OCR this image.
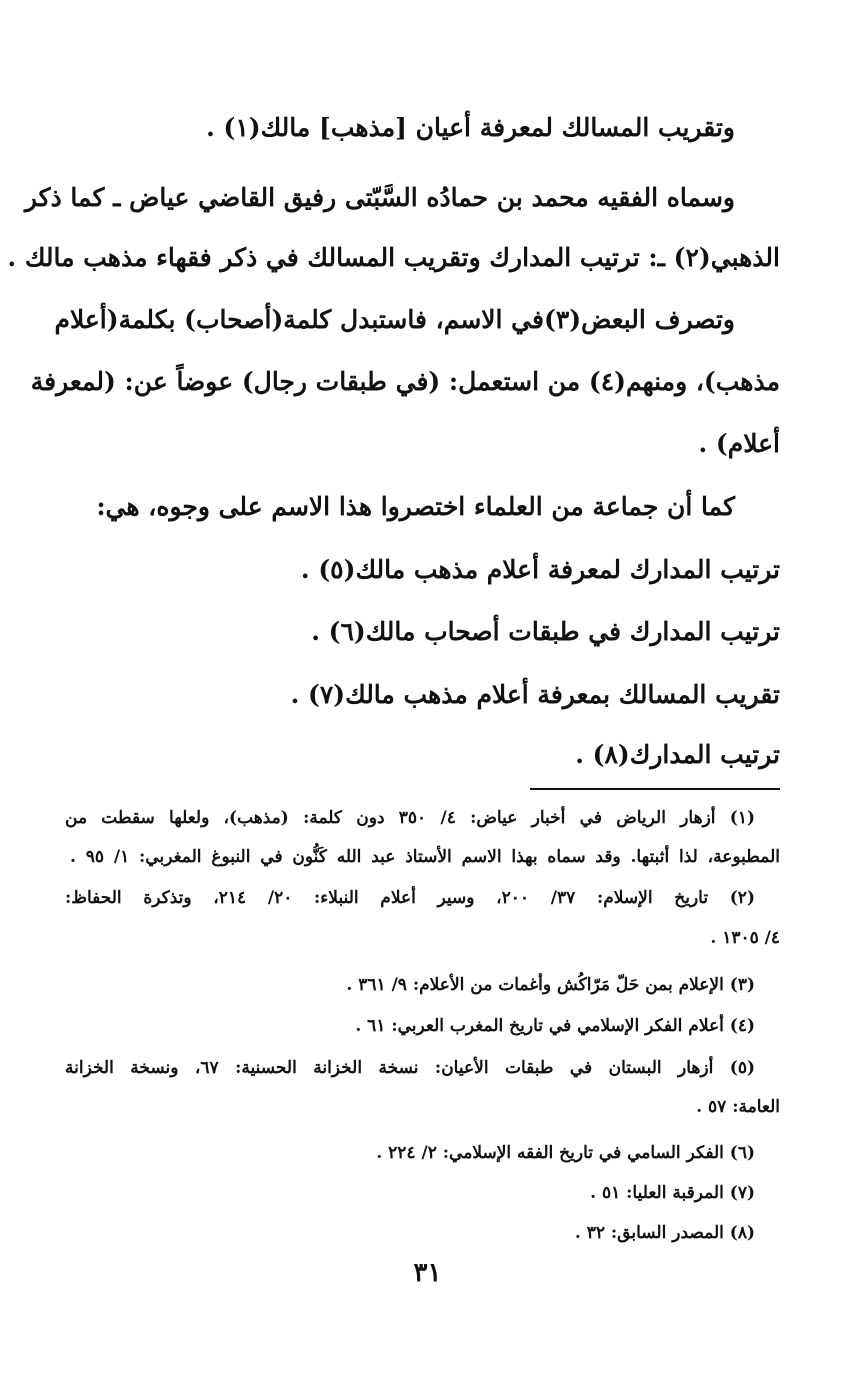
وتقريب المسالك لمعرفة أعيان [مذهب] مالك(١) .
وسماه الفقيه محمد بن حمادُه السَّبّتى رفيق القاضي عياض ـ كما ذكر
الذهبي(٢) ـ: ترتيب المدارك وتقريب المسالك في ذكر فقهاء مذهب مالك .
وتصرف البعض(٣)في الاسم، فاستبدل كلمة(أصحاب) بكلمة(أعلام
مذهب)، ومنهم(٤) من استعمل: (في طبقات رجال) عوضاً عن: (لمعرفة
أعلام) .
كما أن جماعة من العلماء اختصروا هذا الاسم على وجوه، هي:
ترتيب المدارك لمعرفة أعلام مذهب مالك(٥) .
ترتيب المدارك في طبقات أصحاب مالك(٦) .
تقريب المسالك بمعرفة أعلام مذهب مالك(٧) .
ترتيب المدارك(٨) .
(١) أزهار الرياض في أخبار عياض: ٤/ ٣٥٠ دون كلمة: (مذهب)، ولعلها سقطت من
المطبوعة، لذا أثبتها. وقد سماه بهذا الاسم الأستاذ عبد الله كَنُّون في النبوغ المغربي: ١/ ٩٥ .
(٢) تاريخ الإسلام: ٣٧/ ٢٠٠، وسير أعلام النبلاء: ٢٠/ ٢١٤، وتذكرة الحفاظ:
٤/ ١٣٠٥ .
(٣) الإعلام بمن حَلّ مَرّاكُش وأغمات من الأعلام: ٩/ ٣٦١ .
(٤) أعلام الفكر الإسلامي في تاريخ المغرب العربي: ٦١ .
(٥) أزهار البستان في طبقات الأعيان: نسخة الخزانة الحسنية: ٦٧، ونسخة الخزانة
العامة: ٥٧ .
(٦) الفكر السامي في تاريخ الفقه الإسلامي: ٢/ ٢٢٤ .
(٧) المرقبة العليا: ٥١ .
(٨) المصدر السابق: ٣٢ .
٣١
